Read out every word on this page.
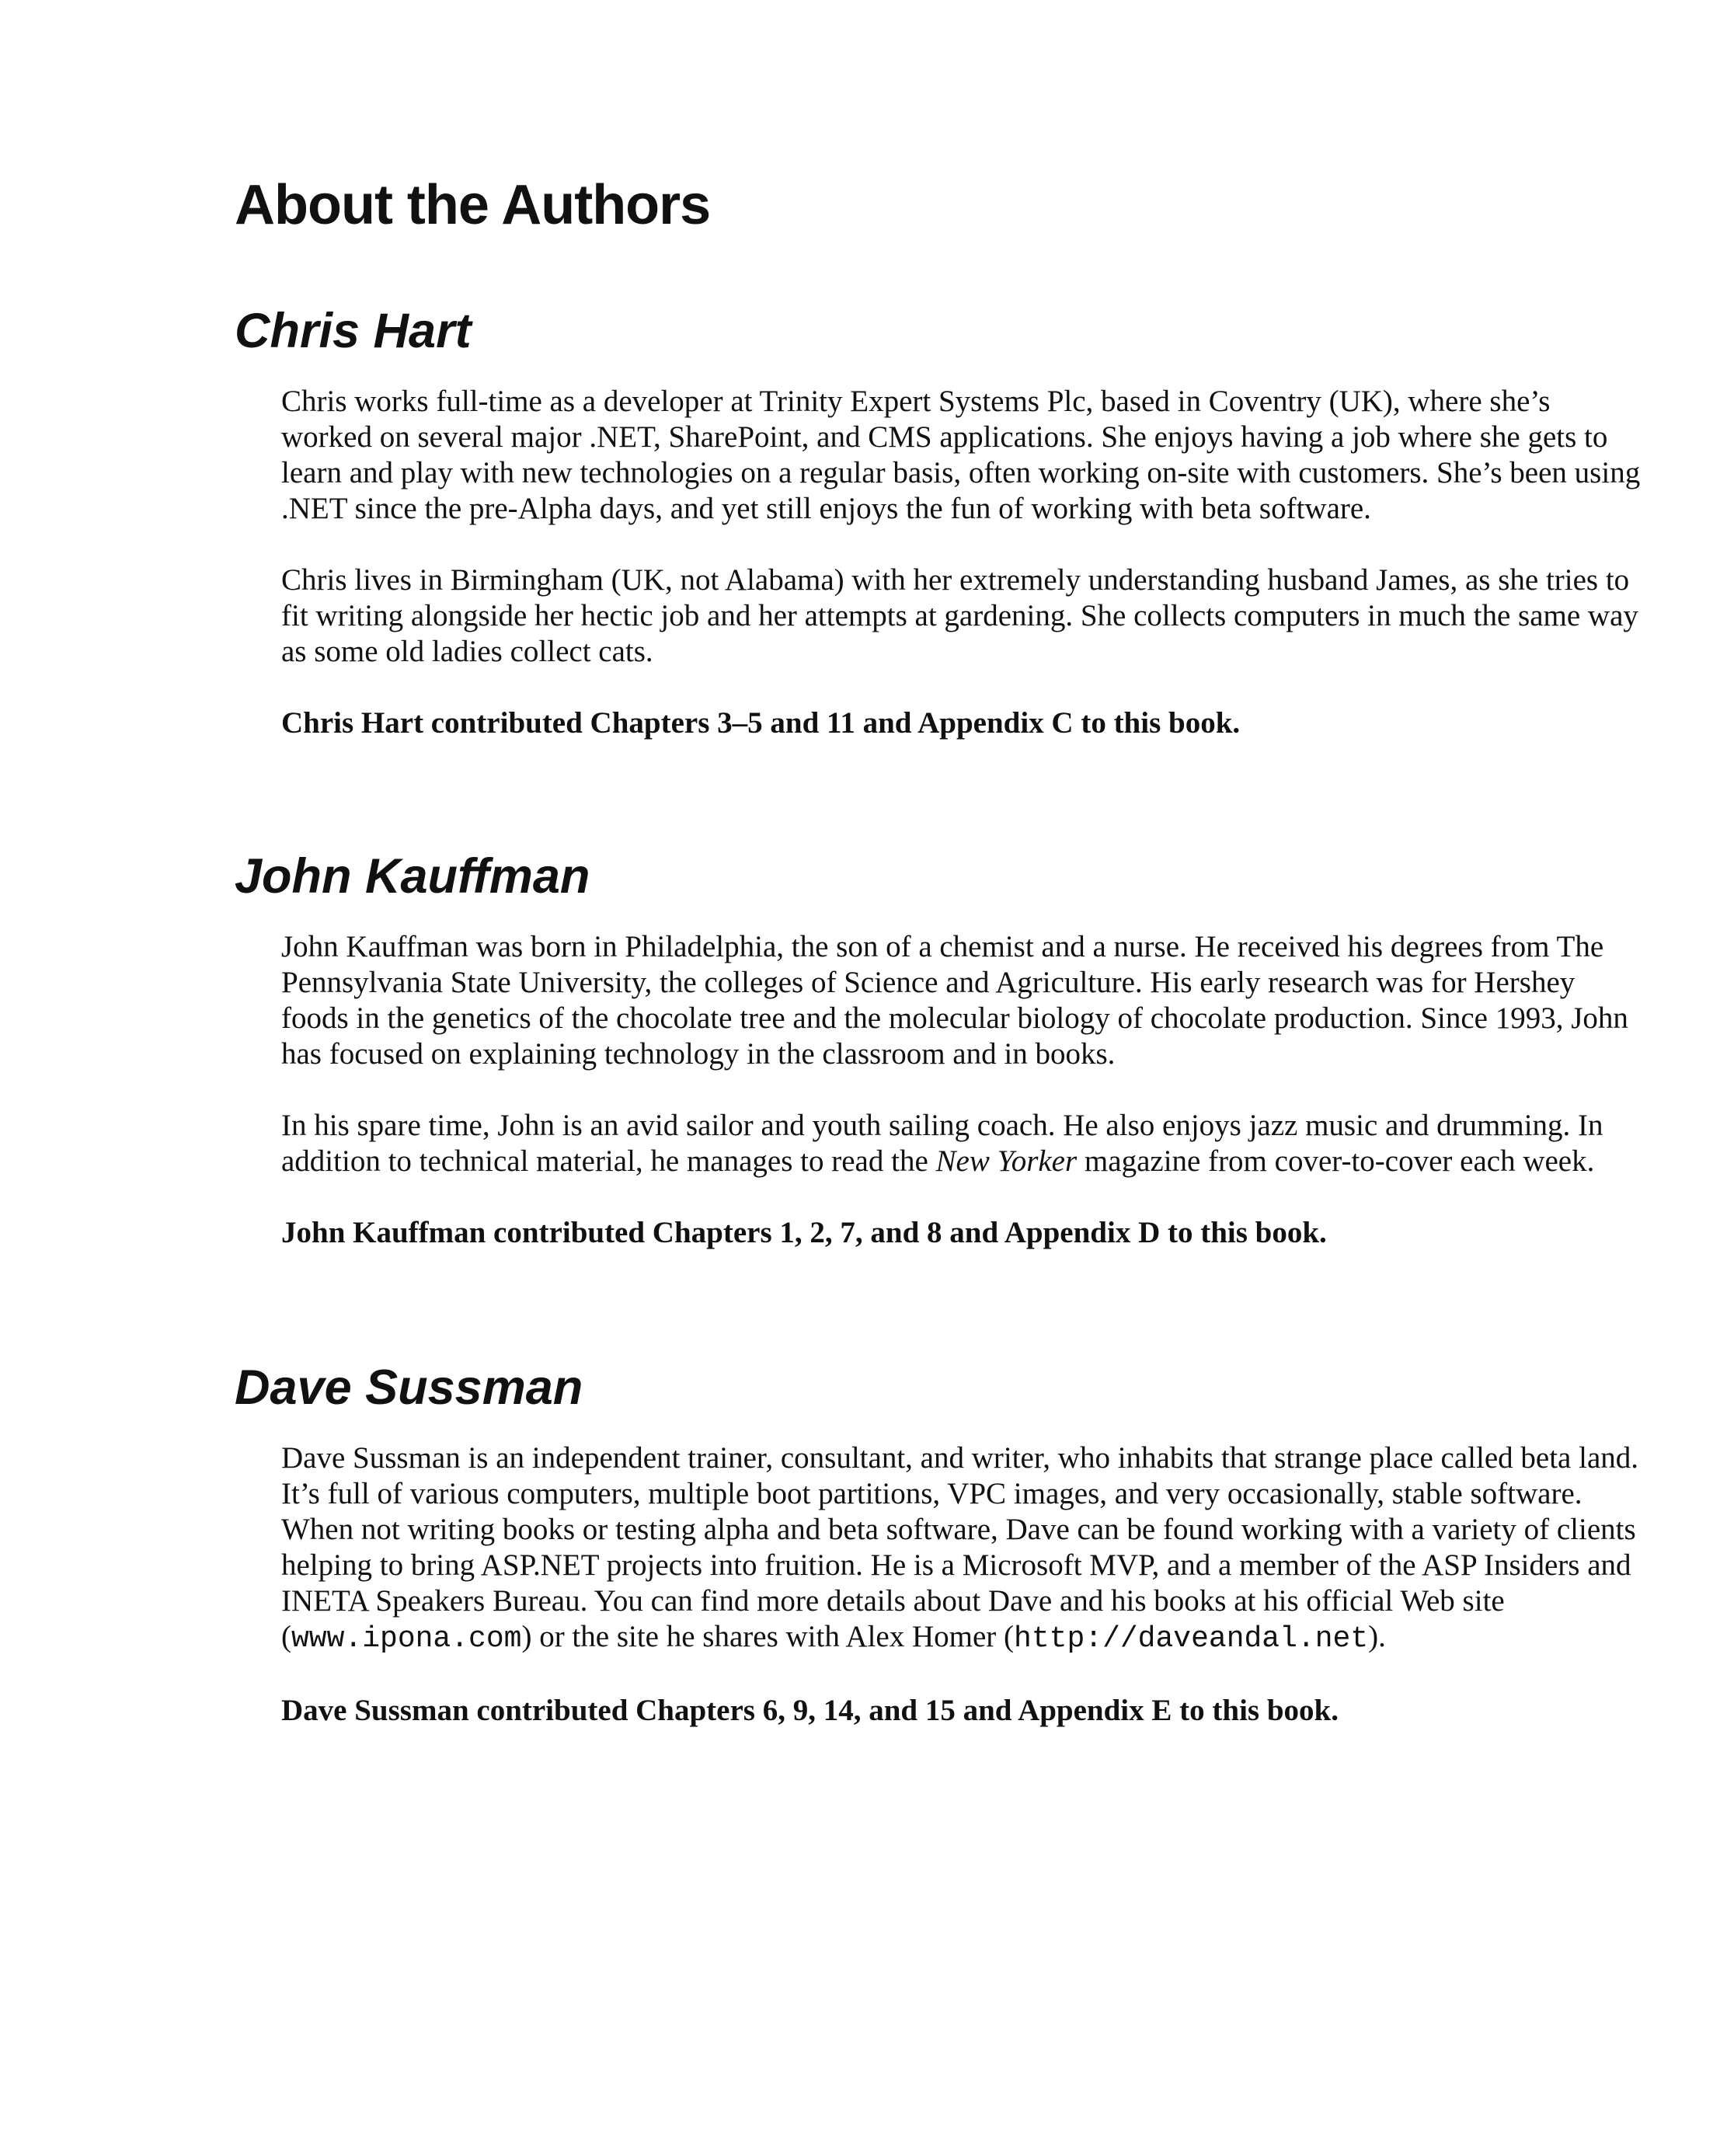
About the Authors
Chris Hart

Chris works full-time as a developer at Trinity Expert Systems Plc, based in Coventry (UK), where she’s worked on several major .NET, SharePoint, and CMS applications. She enjoys having a job where she gets to learn and play with new technologies on a regular basis, often working on-site with customers. She’s been using .NET since the pre-Alpha days, and yet still enjoys the fun of working with beta software.

Chris lives in Birmingham (UK, not Alabama) with her extremely understanding husband James, as she tries to fit writing alongside her hectic job and her attempts at gardening. She collects computers in much the same way as some old ladies collect cats.

Chris Hart contributed Chapters 3–5 and 11 and Appendix C to this book.

John Kauffman

John Kauffman was born in Philadelphia, the son of a chemist and a nurse. He received his degrees from The Pennsylvania State University, the colleges of Science and Agriculture. His early research was for Hershey foods in the genetics of the chocolate tree and the molecular biology of chocolate production. Since 1993, John has focused on explaining technology in the classroom and in books.

In his spare time, John is an avid sailor and youth sailing coach. He also enjoys jazz music and drumming. In addition to technical material, he manages to read the New Yorker magazine from cover-to-cover each week.

John Kauffman contributed Chapters 1, 2, 7, and 8 and Appendix D to this book.

Dave Sussman

Dave Sussman is an independent trainer, consultant, and writer, who inhabits that strange place called beta land. It’s full of various computers, multiple boot partitions, VPC images, and very occasionally, stable software. When not writing books or testing alpha and beta software, Dave can be found working with a variety of clients helping to bring ASP.NET projects into fruition. He is a Microsoft MVP, and a member of the ASP Insiders and INETA Speakers Bureau. You can find more details about Dave and his books at his official Web site (www.ipona.com) or the site he shares with Alex Homer (http://daveandal.net).

Dave Sussman contributed Chapters 6, 9, 14, and 15 and Appendix E to this book.
